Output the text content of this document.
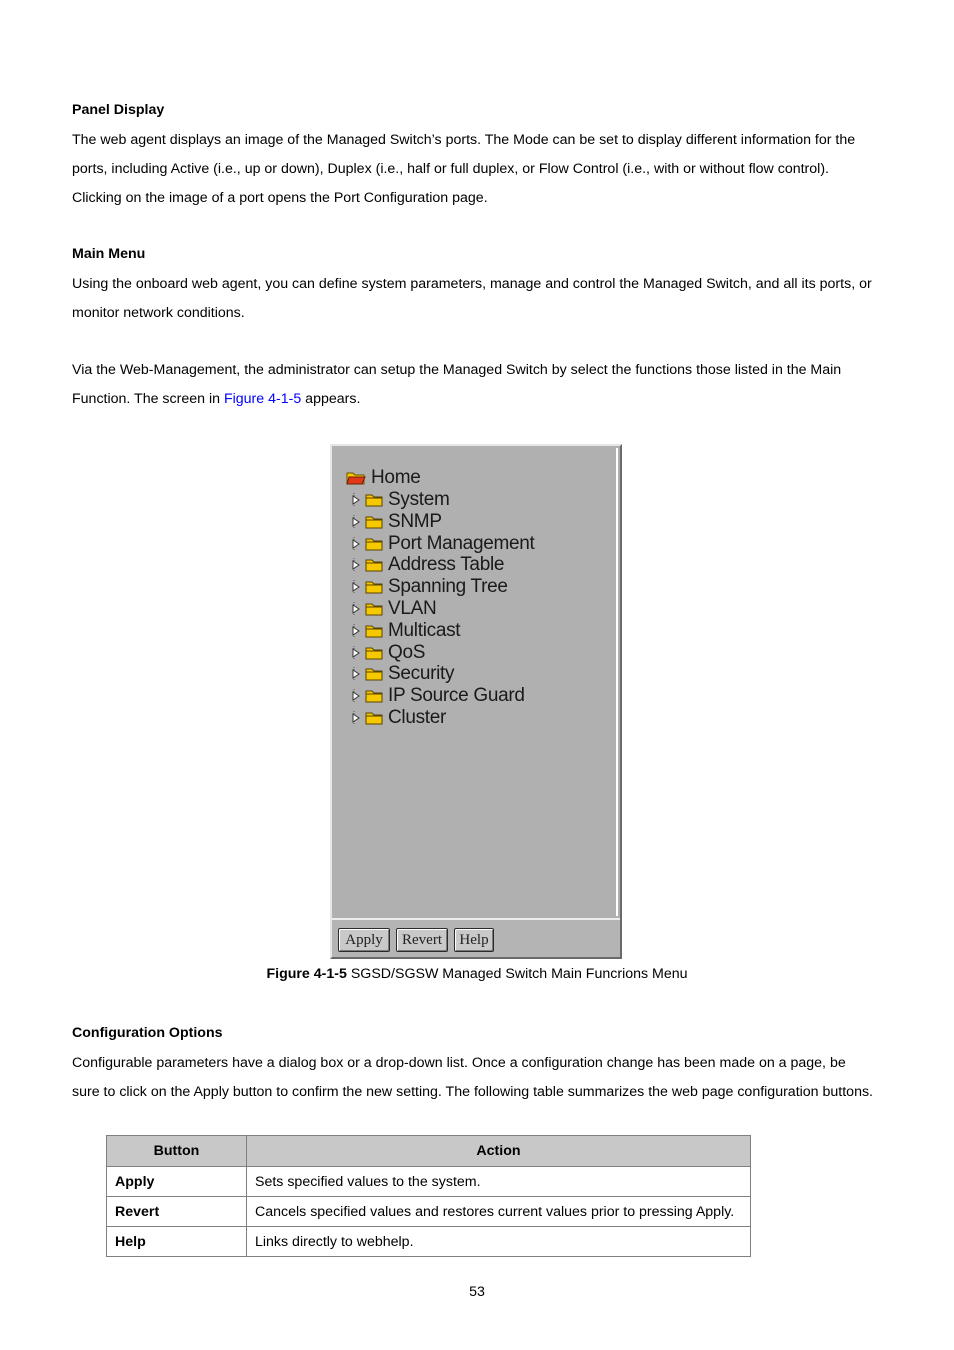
Panel Display

The web agent displays an image of the Managed Switch’s ports. The Mode can be set to display different information for the
ports, including Active (i.e., up or down), Duplex (i.e., half or full duplex, or Flow Control (i.e., with or without flow control).
Clicking on the image of a port opens the Port Configuration page.

Main Menu

Using the onboard web agent, you can define system parameters, manage and control the Managed Switch, and all its ports, or
monitor network conditions.

Via the Web-Management, the administrator can setup the Managed Switch by select the functions those listed in the Main
Function. The screen in Figure 4-1-5 appears.

Home
System
SNMP
Port Management
Address Table
Spanning Tree
VLAN
Multicast
QoS
Security
IP Source Guard
Cluster
Apply	Revert	Help
Figure 4-1-5 SGSD/SGSW Managed Switch Main Funcrions Menu

Configuration Options

Configurable parameters have a dialog box or a drop-down list. Once a configuration change has been made on a page, be
sure to click on the Apply button to confirm the new setting. The following table summarizes the web page configuration buttons.

Button	Action
Apply	Sets specified values to the system.
Revert	Cancels specified values and restores current values prior to pressing Apply.
Help	Links directly to webhelp.
53
